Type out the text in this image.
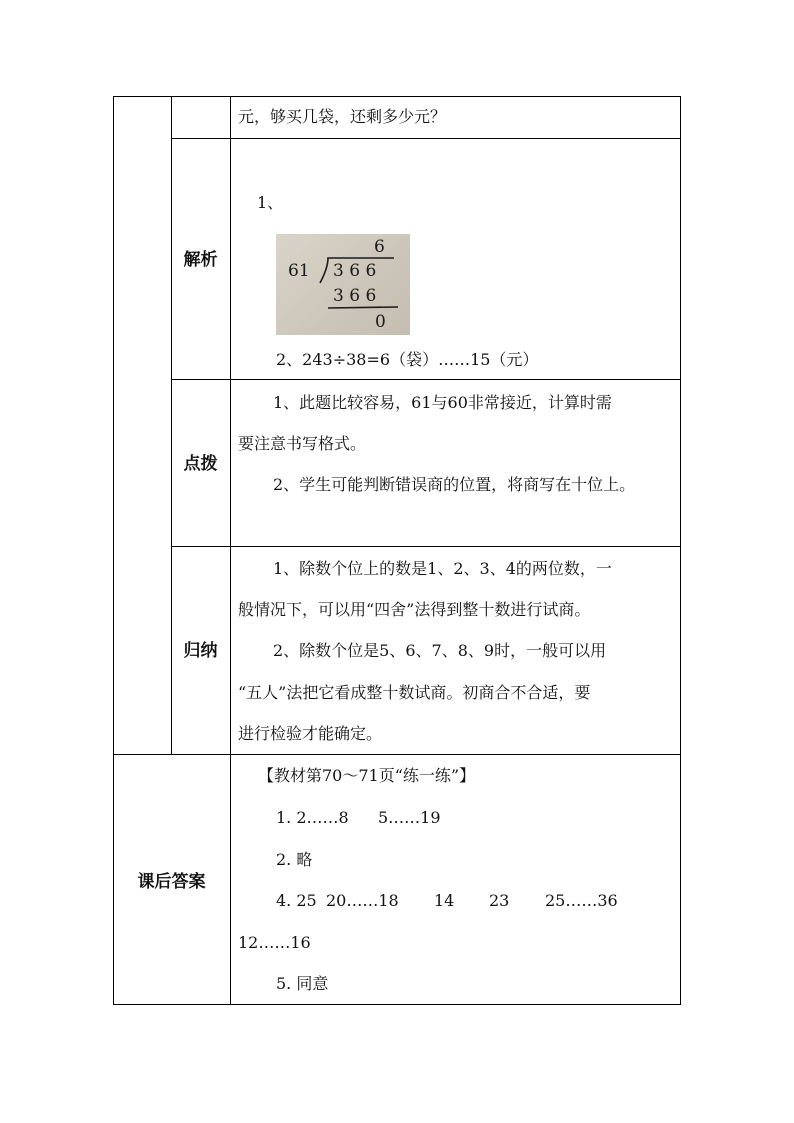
元，够买几袋，还剩多少元？
解析
1、
6
61 3 6 6
3 6 6
0
2、243÷38=6（袋）……15（元）
点拨
1、此题比较容易，61与60非常接近，计算时需
要注意书写格式。
2、学生可能判断错误商的位置，将商写在十位上。
归纳
1、除数个位上的数是1、2、3、4的两位数，一
般情况下，可以用“四舍”法得到整十数进行试商。
2、除数个位是5、6、7、8、9时，一般可以用
“五人”法把它看成整十数试商。初商合不合适，要
进行检验才能确定。
课后答案
【教材第70～71页“练一练”】
1. 2……8 5……19
2. 略
4. 25 20……18 14 23 25……36
12……16
5. 同意
